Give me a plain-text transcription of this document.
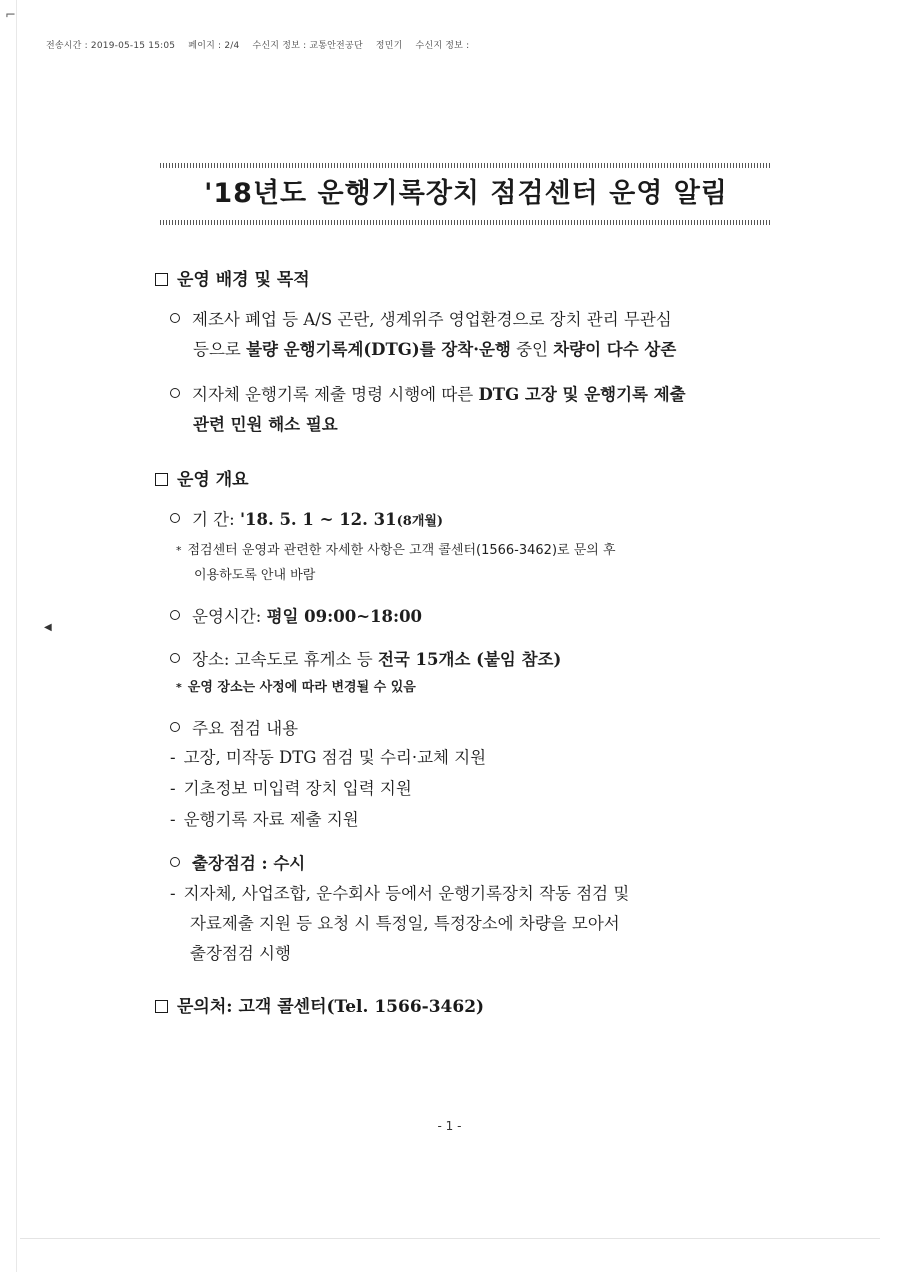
⌐
전송시간 : 2019-05-15 15:05 페이지 : 2/4 수신지 정보 : 교통안전공단 정민기 수신지 정보 :
'18년도 운행기록장치 점검센터 운영 알림
운영 배경 및 목적
제조사 폐업 등 A/S 곤란, 생계위주 영업환경으로 장치 관리 무관심
등으로 불량 운행기록계(DTG)를 장착·운행 중인 차량이 다수 상존
지자체 운행기록 제출 명령 시행에 따른 DTG 고장 및 운행기록 제출
관련 민원 해소 필요
운영 개요
기 간: '18. 5. 1 ~ 12. 31(8개월)
* 점검센터 운영과 관련한 자세한 사항은 고객 콜센터(1566-3462)로 문의 후
이용하도록 안내 바람
운영시간: 평일 09:00~18:00
◀
장소: 고속도로 휴게소 등 전국 15개소 (붙임 참조)
* 운영 장소는 사정에 따라 변경될 수 있음
주요 점검 내용
- 고장, 미작동 DTG 점검 및 수리·교체 지원
- 기초정보 미입력 장치 입력 지원
- 운행기록 자료 제출 지원
출장점검 : 수시
- 지자체, 사업조합, 운수회사 등에서 운행기록장치 작동 점검 및
자료제출 지원 등 요청 시 특정일, 특정장소에 차량을 모아서
출장점검 시행
문의처: 고객 콜센터(Tel. 1566-3462)
- 1 -
